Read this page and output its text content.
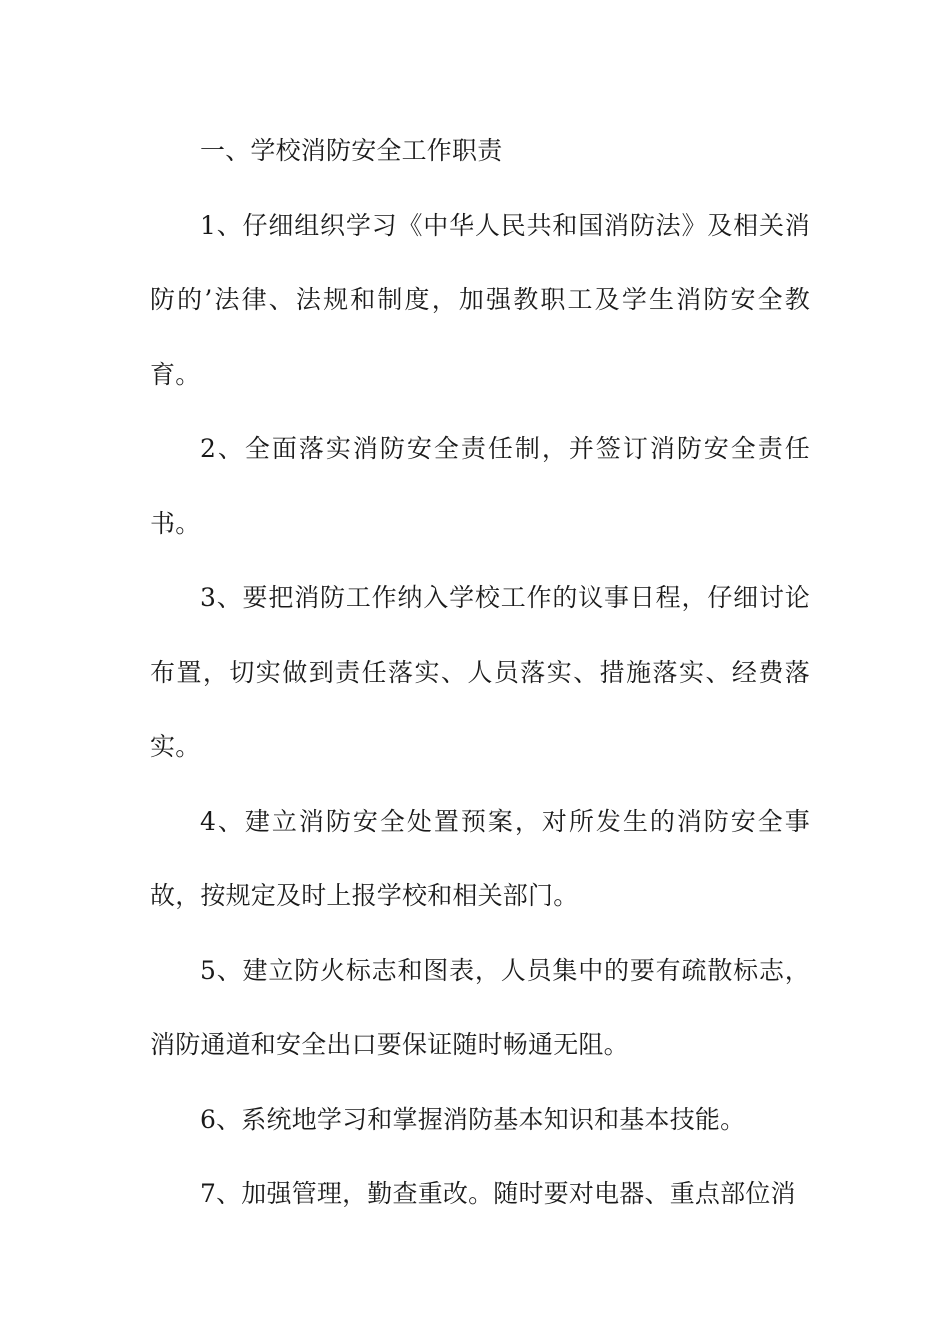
一、学校消防安全工作职责

1、仔细组织学习《中华人民共和国消防法》及相关消防的’法律、法规和制度，加强教职工及学生消防安全教育。

2、全面落实消防安全责任制，并签订消防安全责任书。

3、要把消防工作纳入学校工作的议事日程，仔细讨论布置，切实做到责任落实、人员落实、措施落实、经费落实。

4、建立消防安全处置预案，对所发生的消防安全事故，按规定及时上报学校和相关部门。

5、建立防火标志和图表，人员集中的要有疏散标志，消防通道和安全出口要保证随时畅通无阻。

6、系统地学习和掌握消防基本知识和基本技能。

7、加强管理，勤查重改。随时要对电器、重点部位消
